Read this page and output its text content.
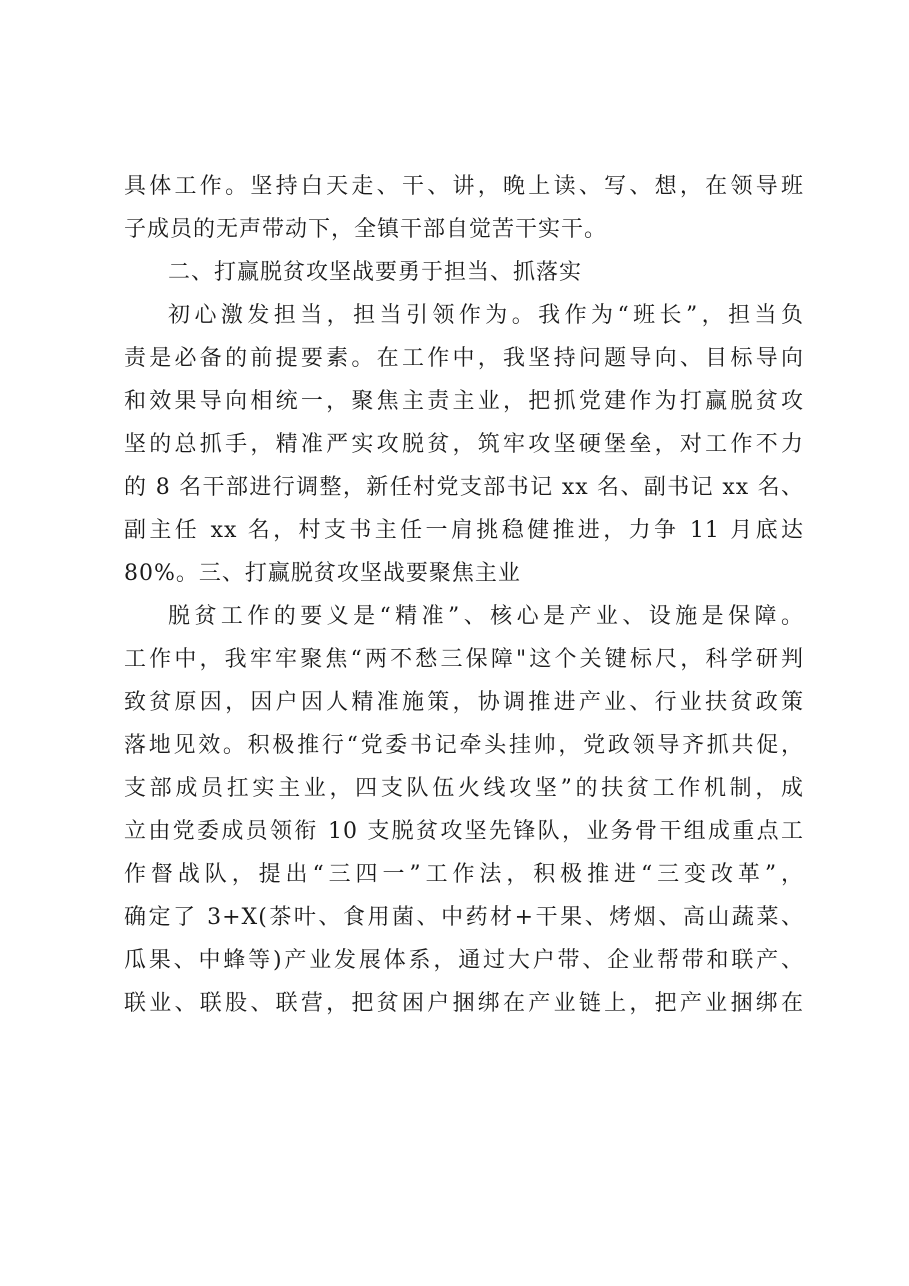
具体工作。坚持白天走、干、讲，晚上读、写、想，在领导班
子成员的无声带动下，全镇干部自觉苦干实干。
二、打赢脱贫攻坚战要勇于担当、抓落实
初心激发担当，担当引领作为。我作为“班长”，担当负
责是必备的前提要素。在工作中，我坚持问题导向、目标导向
和效果导向相统一，聚焦主责主业，把抓党建作为打赢脱贫攻
坚的总抓手，精准严实攻脱贫，筑牢攻坚硬堡垒，对工作不力
的 8 名干部进行调整，新任村党支部书记 xx 名、副书记 xx 名、
副主任 xx 名，村支书主任一肩挑稳健推进，力争 11 月底达
80%。三、打赢脱贫攻坚战要聚焦主业
脱贫工作的要义是“精准”、核心是产业、设施是保障。
工作中，我牢牢聚焦“两不愁三保障"这个关键标尺，科学研判
致贫原因，因户因人精准施策，协调推进产业、行业扶贫政策
落地见效。积极推行“党委书记牵头挂帅，党政领导齐抓共促，
支部成员扛实主业，四支队伍火线攻坚”的扶贫工作机制，成
立由党委成员领衔 10 支脱贫攻坚先锋队，业务骨干组成重点工
作督战队，提出“三四一”工作法，积极推进“三变改革”，
确定了 3+X(茶叶、食用菌、中药材+干果、烤烟、高山蔬菜、
瓜果、中蜂等)产业发展体系，通过大户带、企业帮带和联产、
联业、联股、联营，把贫困户捆绑在产业链上，把产业捆绑在
